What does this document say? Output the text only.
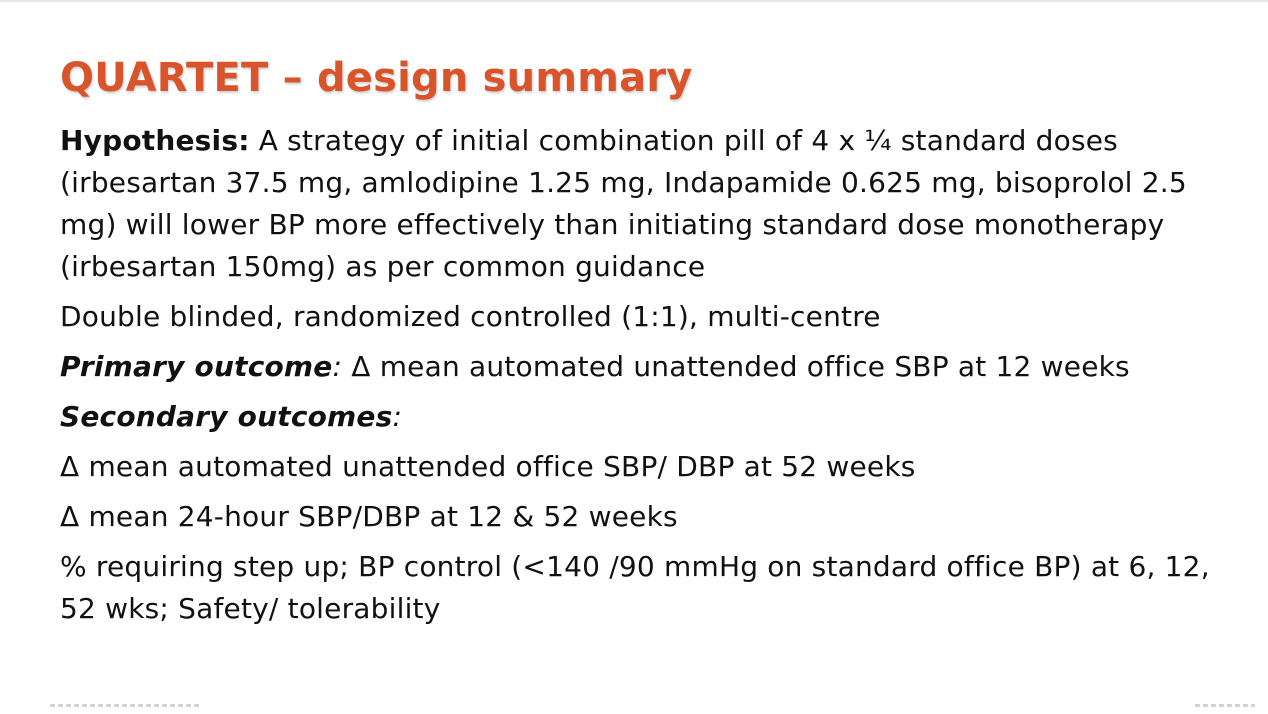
QUARTET – design summary

Hypothesis: A strategy of initial combination pill of 4 x ¼ standard doses (irbesartan 37.5 mg, amlodipine 1.25 mg, Indapamide 0.625 mg, bisoprolol 2.5 mg) will lower BP more effectively than initiating standard dose monotherapy (irbesartan 150mg) as per common guidance

Double blinded, randomized controlled (1:1), multi-centre

Primary outcome: Δ mean automated unattended office SBP at 12 weeks

Secondary outcomes:

Δ mean automated unattended office SBP/ DBP at 52 weeks

Δ mean 24-hour SBP/DBP at 12 & 52 weeks

% requiring step up; BP control (<140 /90 mmHg on standard office BP) at 6, 12, 52 wks; Safety/ tolerability
